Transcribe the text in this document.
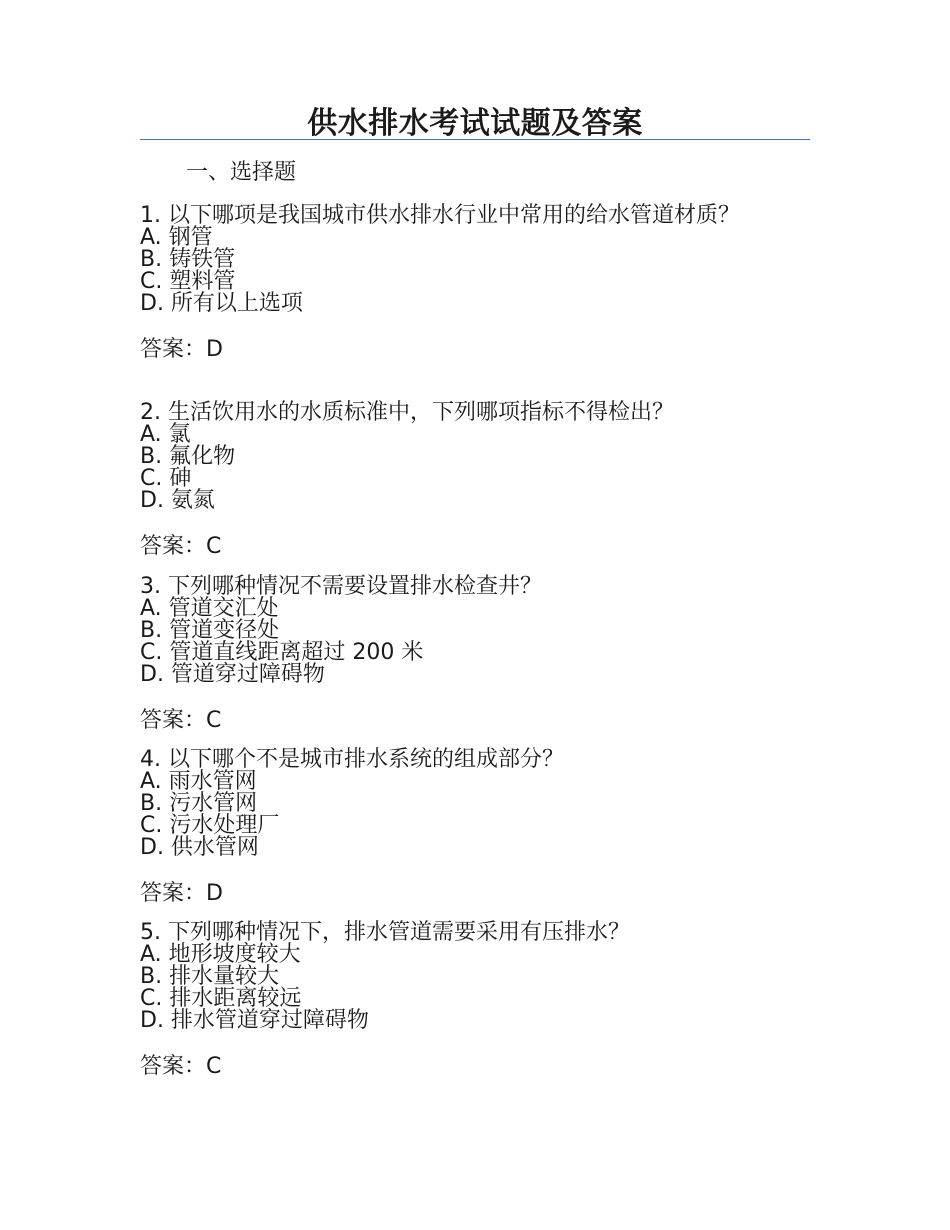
供水排水考试试题及答案
一、选择题

1. 以下哪项是我国城市供水排水行业中常用的给水管道材质？

A. 钢管
B. 铸铁管
C. 塑料管
D. 所有以上选项
答案：D

2. 生活饮用水的水质标准中，下列哪项指标不得检出？

A. 氯
B. 氟化物
C. 砷
D. 氨氮
答案：C

3. 下列哪种情况不需要设置排水检查井？

A. 管道交汇处
B. 管道变径处
C. 管道直线距离超过 200 米
D. 管道穿过障碍物
答案：C

4. 以下哪个不是城市排水系统的组成部分？

A. 雨水管网
B. 污水管网
C. 污水处理厂
D. 供水管网
答案：D

5. 下列哪种情况下，排水管道需要采用有压排水？

A. 地形坡度较大
B. 排水量较大
C. 排水距离较远
D. 排水管道穿过障碍物
答案：C
